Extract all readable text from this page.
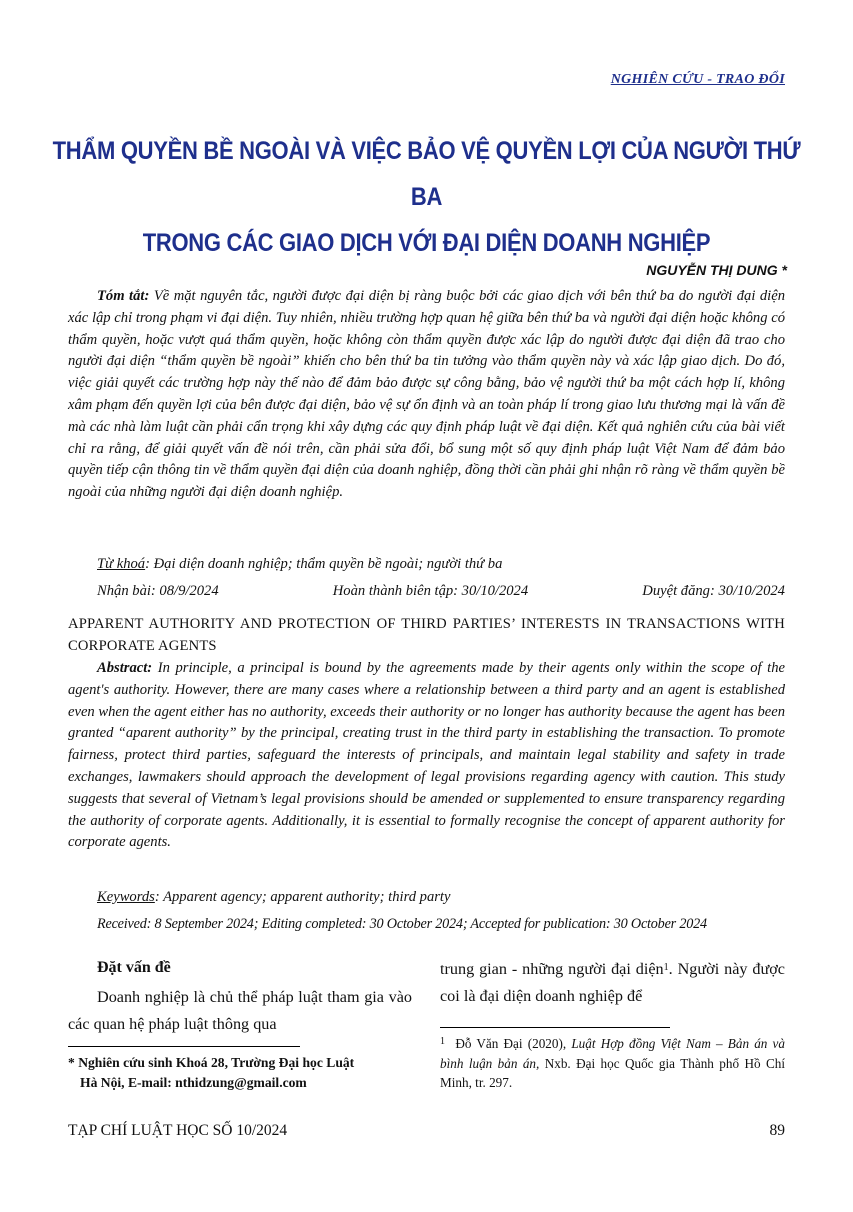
NGHIÊN CỨU - TRAO ĐỔI
THẨM QUYỀN BỀ NGOÀI VÀ VIỆC BẢO VỆ QUYỀN LỢI CỦA NGƯỜI THỨ BA
TRONG CÁC GIAO DỊCH VỚI ĐẠI DIỆN DOANH NGHIỆP
NGUYỄN THỊ DUNG *
Tóm tắt: Về mặt nguyên tắc, người được đại diện bị ràng buộc bởi các giao dịch với bên thứ ba do người đại diện xác lập chỉ trong phạm vi đại diện. Tuy nhiên, nhiều trường hợp quan hệ giữa bên thứ ba và người đại diện hoặc không có thẩm quyền, hoặc vượt quá thẩm quyền, hoặc không còn thẩm quyền được xác lập do người được đại diện đã trao cho người đại diện “thẩm quyền bề ngoài” khiến cho bên thứ ba tin tưởng vào thẩm quyền này và xác lập giao dịch. Do đó, việc giải quyết các trường hợp này thế nào để đảm bảo được sự công bằng, bảo vệ người thứ ba một cách hợp lí, không xâm phạm đến quyền lợi của bên được đại diện, bảo vệ sự ổn định và an toàn pháp lí trong giao lưu thương mại là vấn đề mà các nhà làm luật cần phải cẩn trọng khi xây dựng các quy định pháp luật về đại diện. Kết quả nghiên cứu của bài viết chỉ ra rằng, để giải quyết vấn đề nói trên, cần phải sửa đổi, bổ sung một số quy định pháp luật Việt Nam để đảm bảo quyền tiếp cận thông tin về thẩm quyền đại diện của doanh nghiệp, đồng thời cần phải ghi nhận rõ ràng về thẩm quyền bề ngoài của những người đại diện doanh nghiệp.
Từ khoá: Đại diện doanh nghiệp; thẩm quyền bề ngoài; người thứ ba
Nhận bài: 08/9/2024	Hoàn thành biên tập: 30/10/2024	Duyệt đăng: 30/10/2024
APPARENT AUTHORITY AND PROTECTION OF THIRD PARTIES’ INTERESTS IN TRANSACTIONS WITH CORPORATE AGENTS
Abstract: In principle, a principal is bound by the agreements made by their agents only within the scope of the agent's authority. However, there are many cases where a relationship between a third party and an agent is established even when the agent either has no authority, exceeds their authority or no longer has authority because the agent has been granted “aparent authority” by the principal, creating trust in the third party in establishing the transaction. To promote fairness, protect third parties, safeguard the interests of principals, and maintain legal stability and safety in trade exchanges, lawmakers should approach the development of legal provisions regarding agency with caution. This study suggests that several of Vietnam’s legal provisions should be amended or supplemented to ensure transparency regarding the authority of corporate agents. Additionally, it is essential to formally recognise the concept of apparent authority for corporate agents.
Keywords: Apparent agency; apparent authority; third party
Received: 8 September 2024; Editing completed: 30 October 2024; Accepted for publication: 30 October 2024
Đặt vấn đề
Doanh nghiệp là chủ thể pháp luật tham gia vào các quan hệ pháp luật thông qua
trung gian - những người đại diện$^1$. Người này được coi là đại diện doanh nghiệp để
* Nghiên cứu sinh Khoá 28, Trường Đại học Luật
Hà Nội, E-mail: nthidzung@gmail.com
$^1$ Đỗ Văn Đại (2020), Luật Hợp đồng Việt Nam – Bản án và bình luận bản án, Nxb. Đại học Quốc gia Thành phố Hồ Chí Minh, tr. 297.
TẠP CHÍ LUẬT HỌC SỐ 10/2024	89
